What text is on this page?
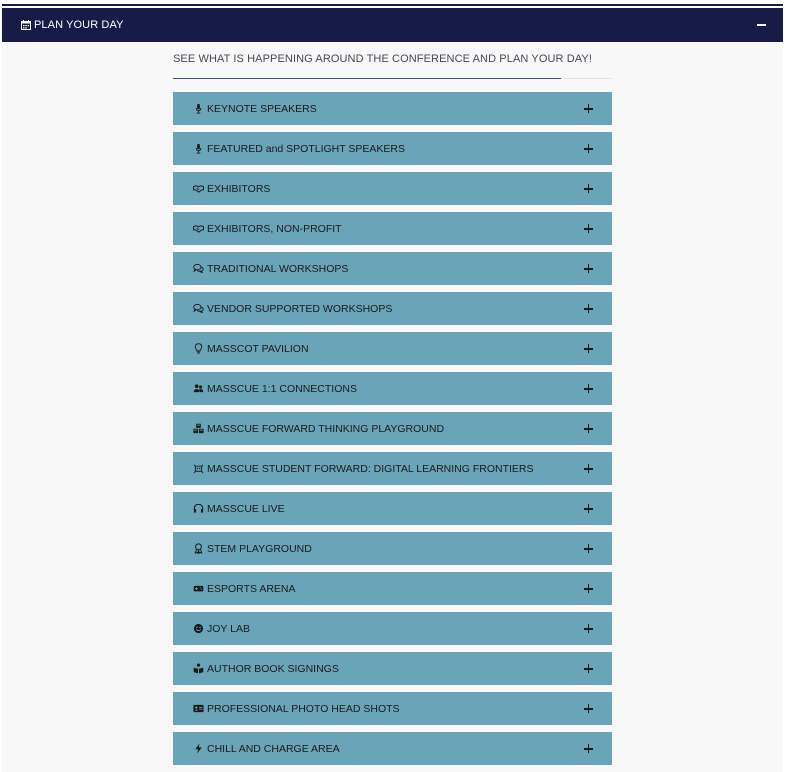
PLAN YOUR DAY
SEE WHAT IS HAPPENING AROUND THE CONFERENCE AND PLAN YOUR DAY!
KEYNOTE SPEAKERS
FEATURED and SPOTLIGHT SPEAKERS
EXHIBITORS
EXHIBITORS, NON-PROFIT
TRADITIONAL WORKSHOPS
VENDOR SUPPORTED WORKSHOPS
MASSCOT PAVILION
MASSCUE 1:1 CONNECTIONS
MASSCUE FORWARD THINKING PLAYGROUND
MASSCUE STUDENT FORWARD: DIGITAL LEARNING FRONTIERS
MASSCUE LIVE
STEM PLAYGROUND
ESPORTS ARENA
JOY LAB
AUTHOR BOOK SIGNINGS
PROFESSIONAL PHOTO HEAD SHOTS
CHILL AND CHARGE AREA
